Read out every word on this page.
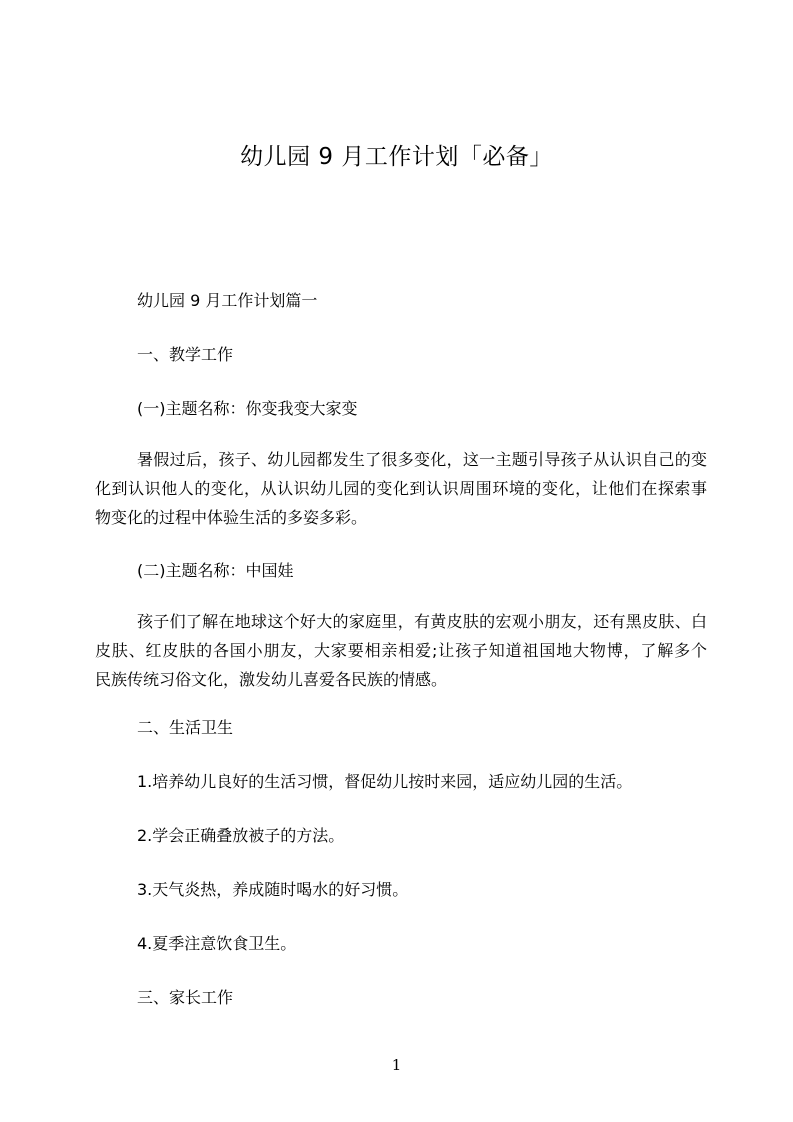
幼儿园 9 月工作计划「必备」
幼儿园 9 月工作计划篇一
一、教学工作
(一)主题名称：你变我变大家变
暑假过后，孩子、幼儿园都发生了很多变化，这一主题引导孩子从认识自己的变
化到认识他人的变化，从认识幼儿园的变化到认识周围环境的变化，让他们在探索事
物变化的过程中体验生活的多姿多彩。
(二)主题名称：中国娃
孩子们了解在地球这个好大的家庭里，有黄皮肤的宏观小朋友，还有黑皮肤、白
皮肤、红皮肤的各国小朋友，大家要相亲相爱;让孩子知道祖国地大物博，了解多个
民族传统习俗文化，激发幼儿喜爱各民族的情感。
二、生活卫生
1.培养幼儿良好的生活习惯，督促幼儿按时来园，适应幼儿园的生活。
2.学会正确叠放被子的方法。
3.天气炎热，养成随时喝水的好习惯。
4.夏季注意饮食卫生。
三、家长工作
1
